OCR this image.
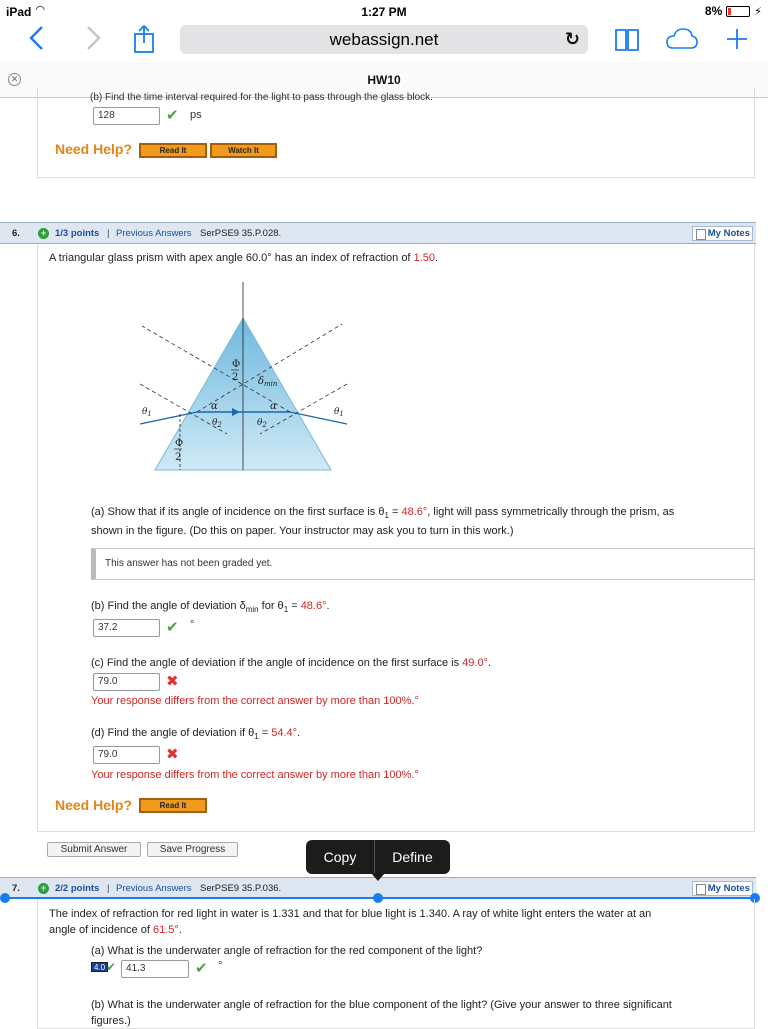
iPad ◠	1:27 PM	8%	⚡
webassign.net	↻
✕	HW10
(b) Find the time interval required for the light to pass through the glass block.
128	✔ ps
Need Help?	Read It	Watch It
6.	+ 1/3 points | Previous Answers SerPSE9 35.P.028.	My Notes
A triangular glass prism with apex angle 60.0° has an index of refraction of 1.50.
Φ
2 $\delta_{min}$
α	α
$\theta_2$	$\theta_2$
$\theta_1$	$\theta_1$
Φ
2
(a) Show that if its angle of incidence on the first surface is $\theta_1 = 48.6^\circ$, light will pass symmetrically through the prism, as
shown in the figure. (Do this on paper. Your instructor may ask you to turn in this work.)
This answer has not been graded yet.
(b) Find the angle of deviation $\delta_{min}$ for $\theta_1 = 48.6^\circ$.
37.2	✔ °
(c) Find the angle of deviation if the angle of incidence on the first surface is 49.0°.
79.0	✖
Your response differs from the correct answer by more than 100%.°
(d) Find the angle of deviation if $\theta_1 = 54.4^\circ$.
79.0	✖
Your response differs from the correct answer by more than 100%.°
Need Help?	Read It
Submit Answer	Save Progress
7.	+ 2/2 points | Previous Answers SerPSE9 35.P.036.	My Notes
The index of refraction for red light in water is 1.331 and that for blue light is 1.340. A ray of white light enters the water at an
angle of incidence of 61.5°.
(a) What is the underwater angle of refraction for the red component of the light?
4.0 ✔ 41.3	✔ °
(b) What is the underwater angle of refraction for the blue component of the light? (Give your answer to three significant
figures.)
Copy	Define
